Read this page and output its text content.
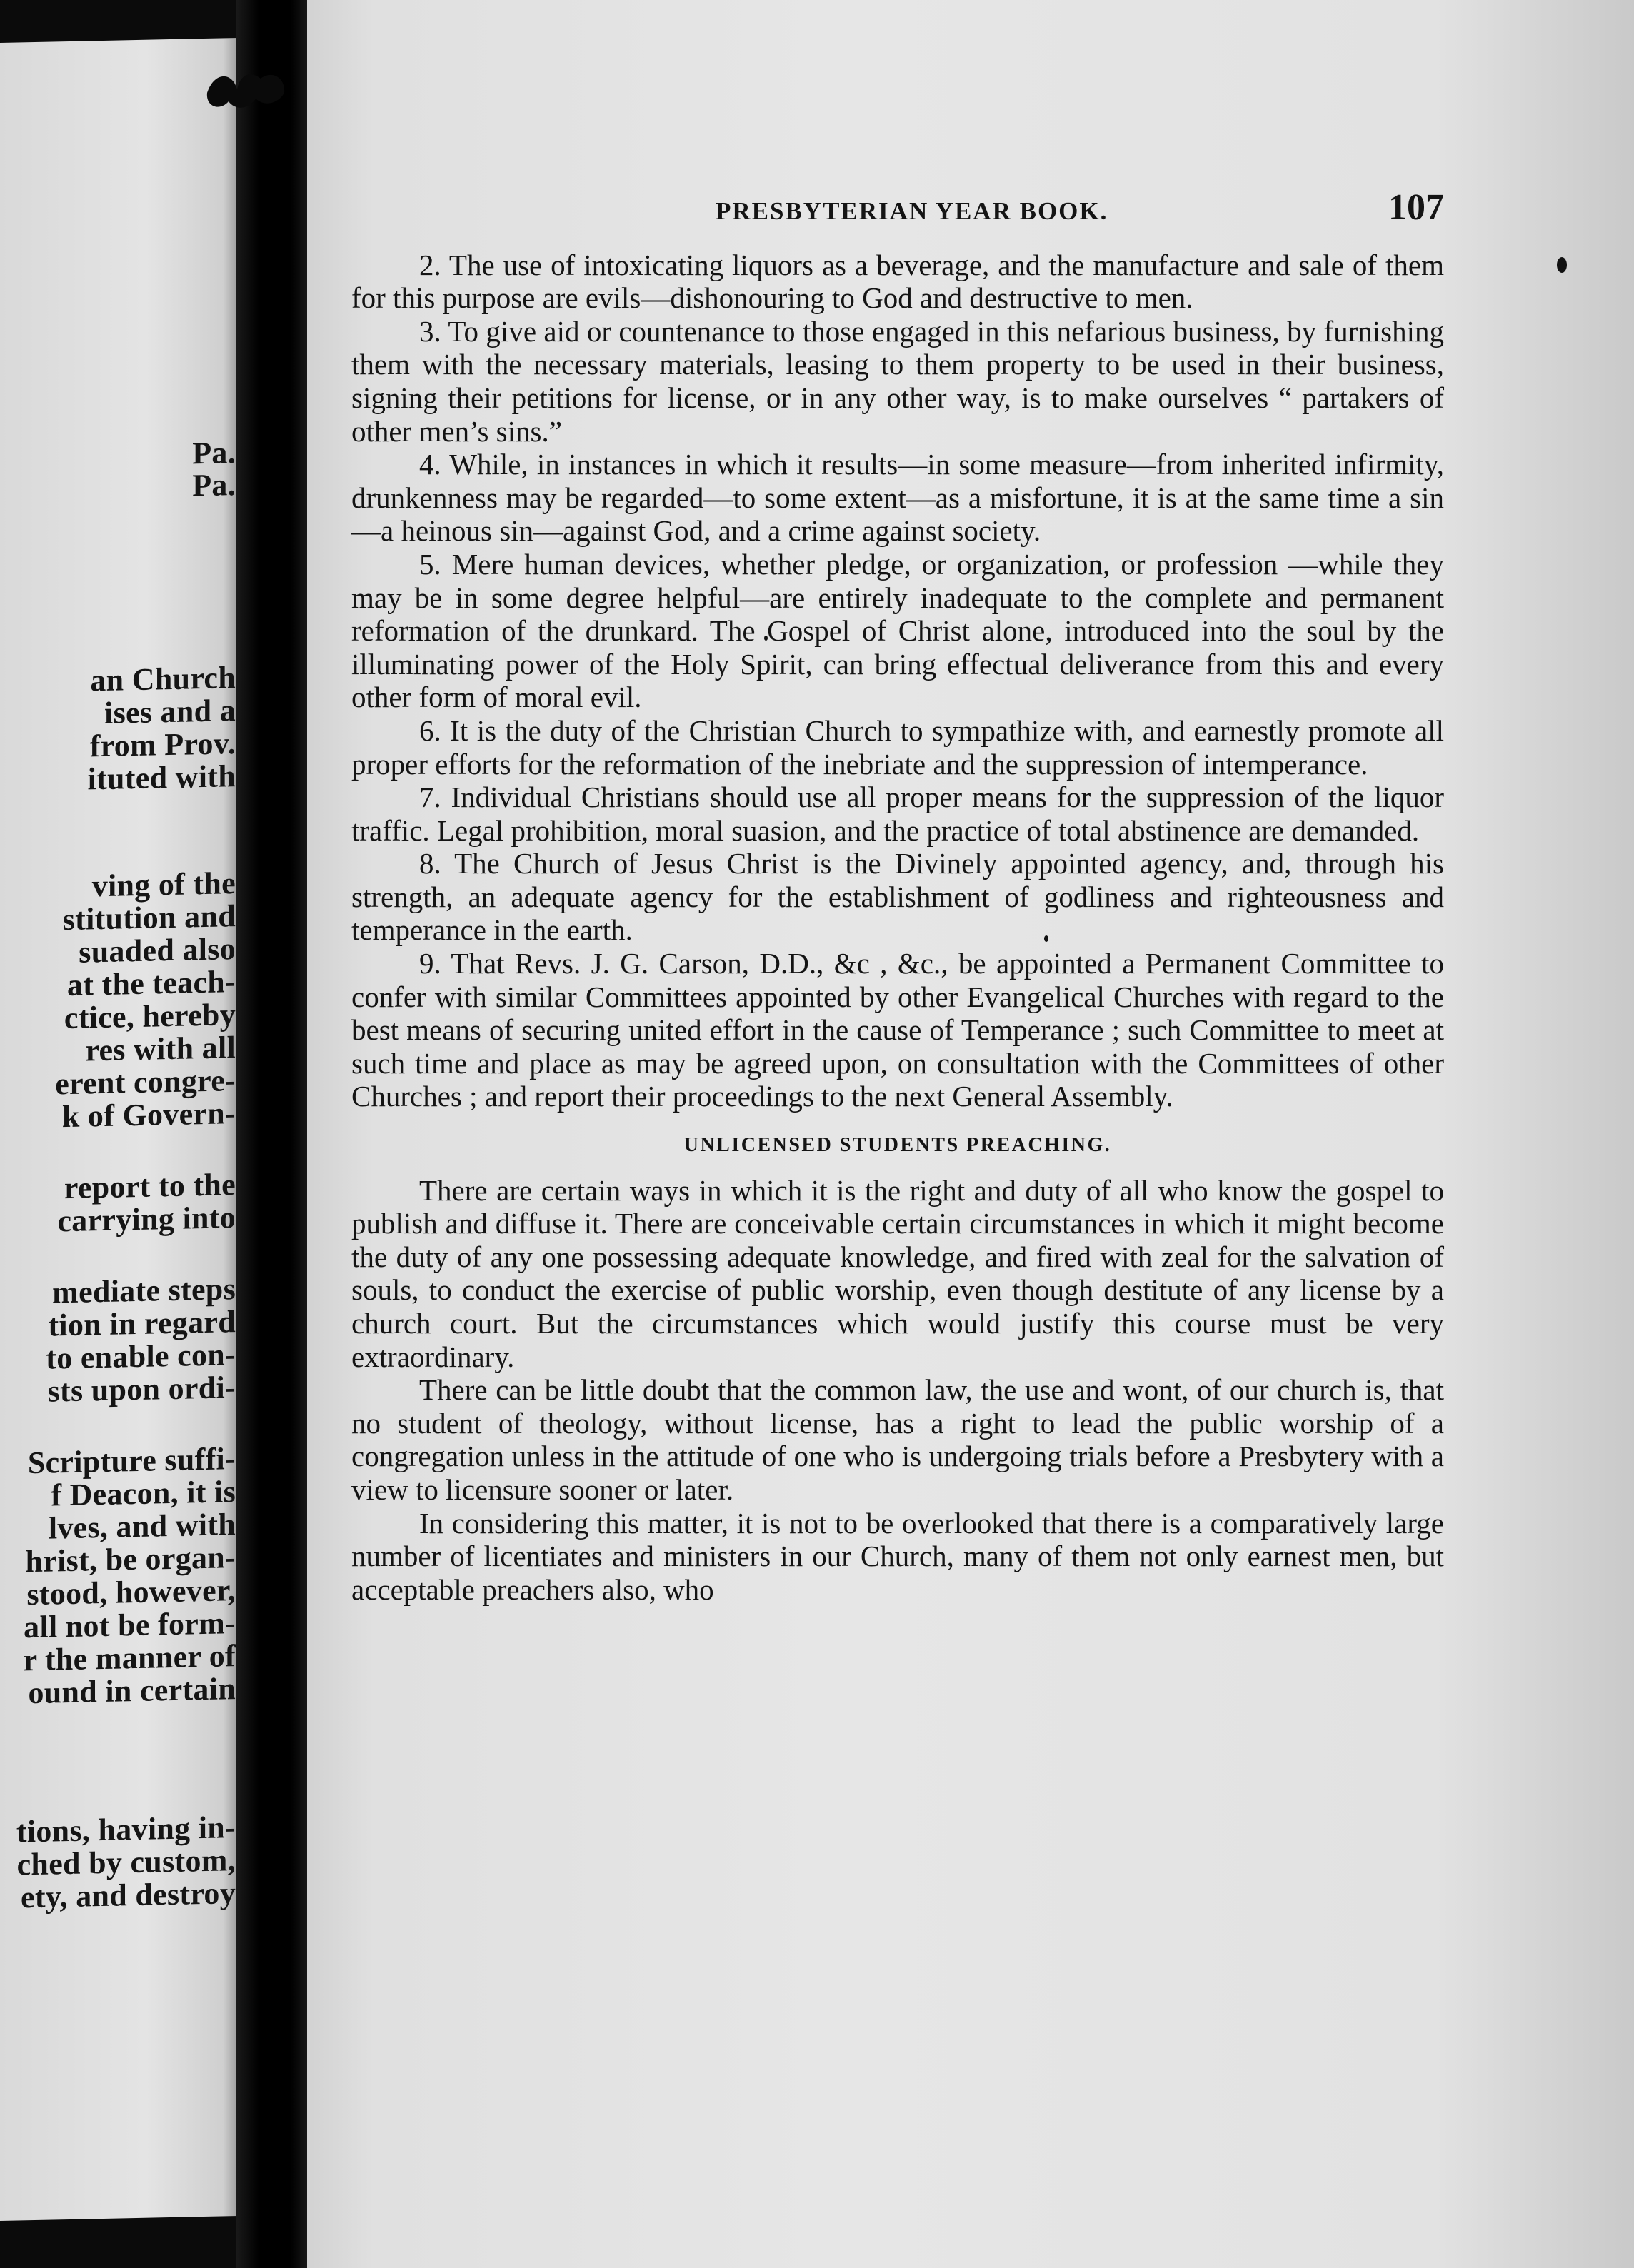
Pa.
Pa.
an Church
ises and a
from Prov.
ituted with
ving of the
stitution and
suaded also
at the teach-
ctice, hereby
res with all
erent congre-
k of Govern-
report to the
carrying into
mediate steps
tion in regard
to enable con-
sts upon ordi-
Scripture suffi-
f Deacon, it is
lves, and with
hrist, be organ-
stood, however,
all not be form-
r the manner of
ound in certain
tions, having in-
ched by custom,
ety, and destroy
PRESBYTERIAN YEAR BOOK.	107

2. The use of intoxicating liquors as a beverage, and the manufacture and sale of them for this purpose are evils—dishonouring to God and destructive to men.

3. To give aid or countenance to those engaged in this nefarious business, by furnishing them with the necessary materials, leasing to them property to be used in their business, signing their petitions for license, or in any other way, is to make ourselves “ partakers of other men’s sins.”

4. While, in instances in which it results—in some measure—from inherited infirmity, drunkenness may be regarded—to some extent—as a misfortune, it is at the same time a sin—a heinous sin—against God, and a crime against society.

5. Mere human devices, whether pledge, or organization, or profession —while they may be in some degree helpful—are entirely inadequate to the complete and permanent reformation of the drunkard. The Gospel of Christ alone, introduced into the soul by the illuminating power of the Holy Spirit, can bring effectual deliverance from this and every other form of moral evil.

6. It is the duty of the Christian Church to sympathize with, and earnestly promote all proper efforts for the reformation of the inebriate and the suppression of intemperance.

7. Individual Christians should use all proper means for the suppression of the liquor traffic. Legal prohibition, moral suasion, and the practice of total abstinence are demanded.

8. The Church of Jesus Christ is the Divinely appointed agency, and, through his strength, an adequate agency for the establishment of godliness and righteousness and temperance in the earth.

9. That Revs. J. G. Carson, D.D., &c , &c., be appointed a Permanent Committee to confer with similar Committees appointed by other Evangelical Churches with regard to the best means of securing united effort in the cause of Temperance ; such Committee to meet at such time and place as may be agreed upon, on consultation with the Committees of other Churches ; and report their proceedings to the next General Assembly.

UNLICENSED STUDENTS PREACHING.

There are certain ways in which it is the right and duty of all who know the gospel to publish and diffuse it. There are conceivable certain circumstances in which it might become the duty of any one possessing adequate knowledge, and fired with zeal for the salvation of souls, to conduct the exercise of public worship, even though destitute of any license by a church court. But the circumstances which would justify this course must be very extraordinary.

There can be little doubt that the common law, the use and wont, of our church is, that no student of theology, without license, has a right to lead the public worship of a congregation unless in the attitude of one who is undergoing trials before a Presbytery with a view to licensure sooner or later.

In considering this matter, it is not to be overlooked that there is a comparatively large number of licentiates and ministers in our Church, many of them not only earnest men, but acceptable preachers also, who
